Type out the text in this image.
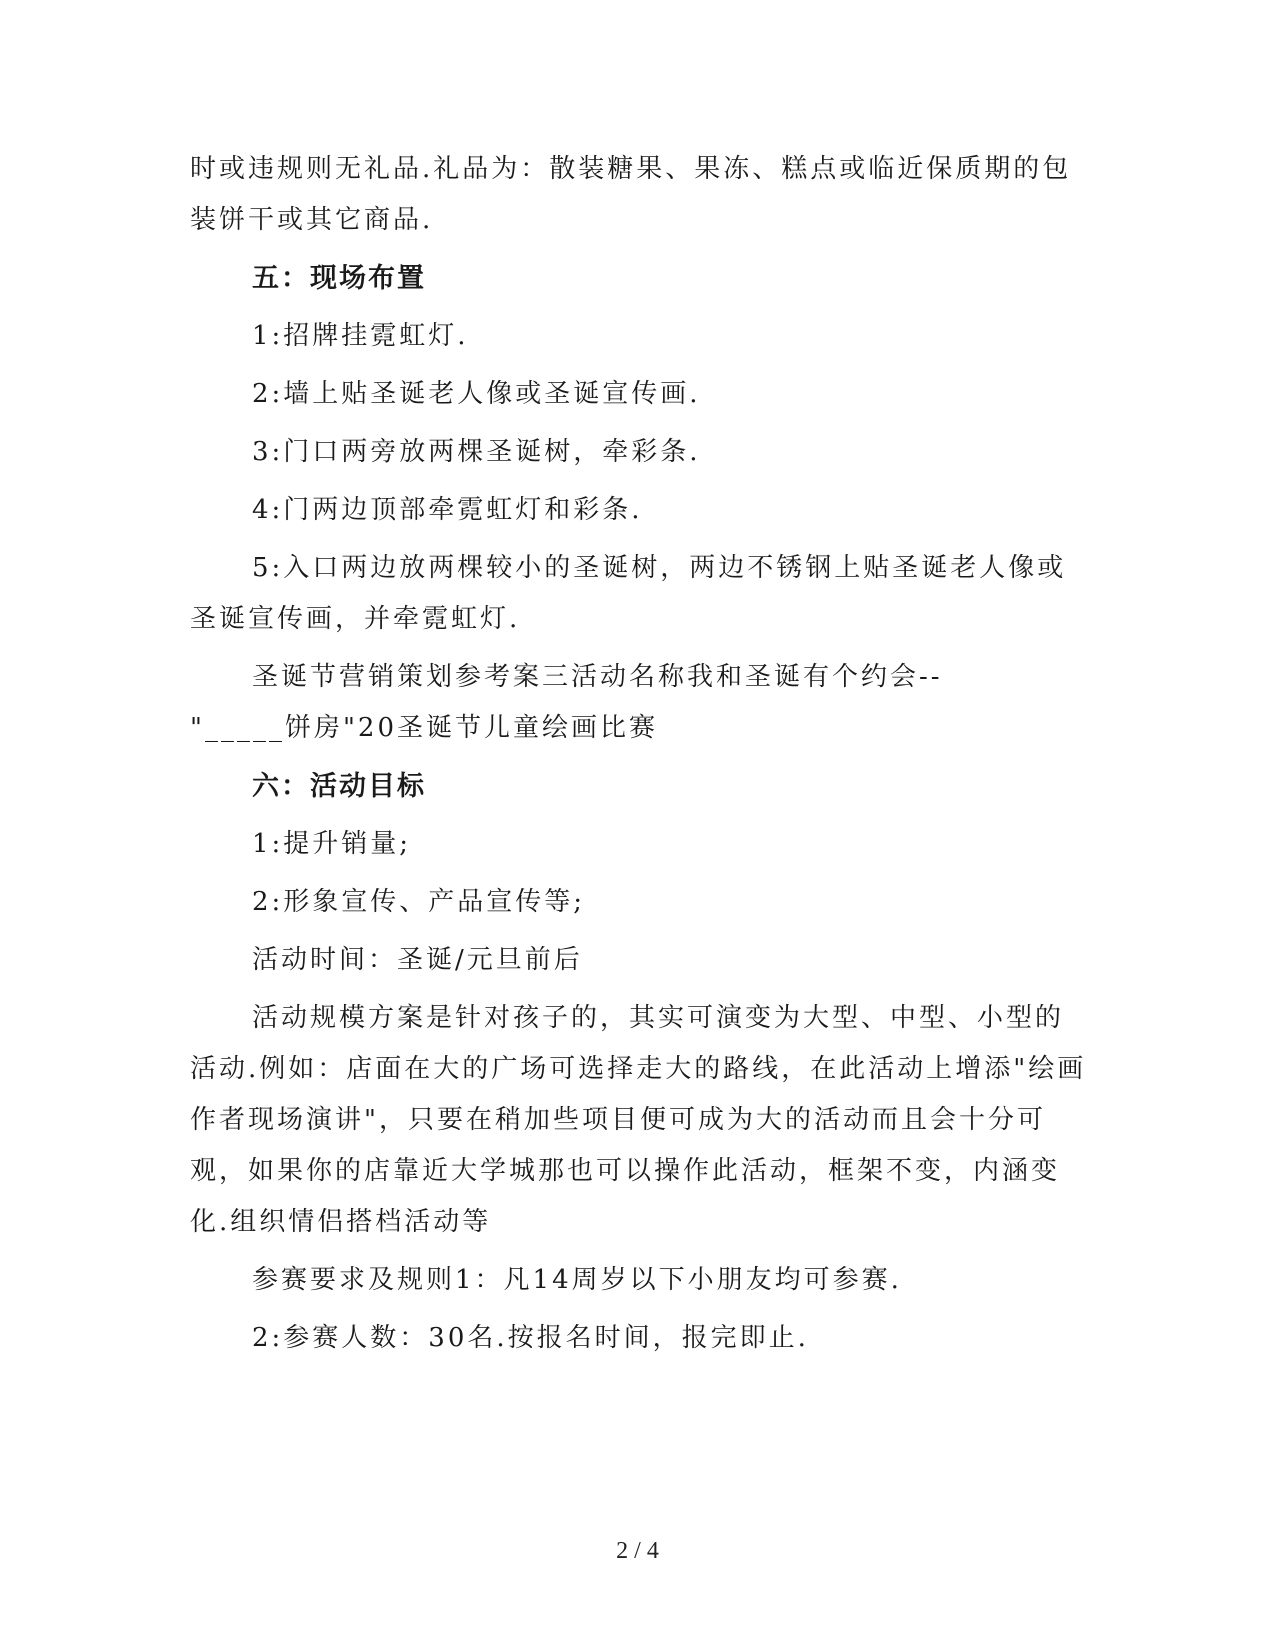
时或违规则无礼品.礼品为：散装糖果、果冻、糕点或临近保质期的包装饼干或其它商品.

五：现场布置

1:招牌挂霓虹灯.

2:墙上贴圣诞老人像或圣诞宣传画.

3:门口两旁放两棵圣诞树，牵彩条.

4:门两边顶部牵霓虹灯和彩条.

5:入口两边放两棵较小的圣诞树，两边不锈钢上贴圣诞老人像或圣诞宣传画，并牵霓虹灯.

圣诞节营销策划参考案三活动名称我和圣诞有个约会--
"_____饼房"20圣诞节儿童绘画比赛

六：活动目标

1:提升销量;

2:形象宣传、产品宣传等;

活动时间：圣诞/元旦前后

活动规模方案是针对孩子的，其实可演变为大型、中型、小型的活动.例如：店面在大的广场可选择走大的路线，在此活动上增添"绘画作者现场演讲"，只要在稍加些项目便可成为大的活动而且会十分可观，如果你的店靠近大学城那也可以操作此活动，框架不变，内涵变化.组织情侣搭档活动等

参赛要求及规则1：凡14周岁以下小朋友均可参赛.

2:参赛人数：30名.按报名时间，报完即止.

2 / 4
